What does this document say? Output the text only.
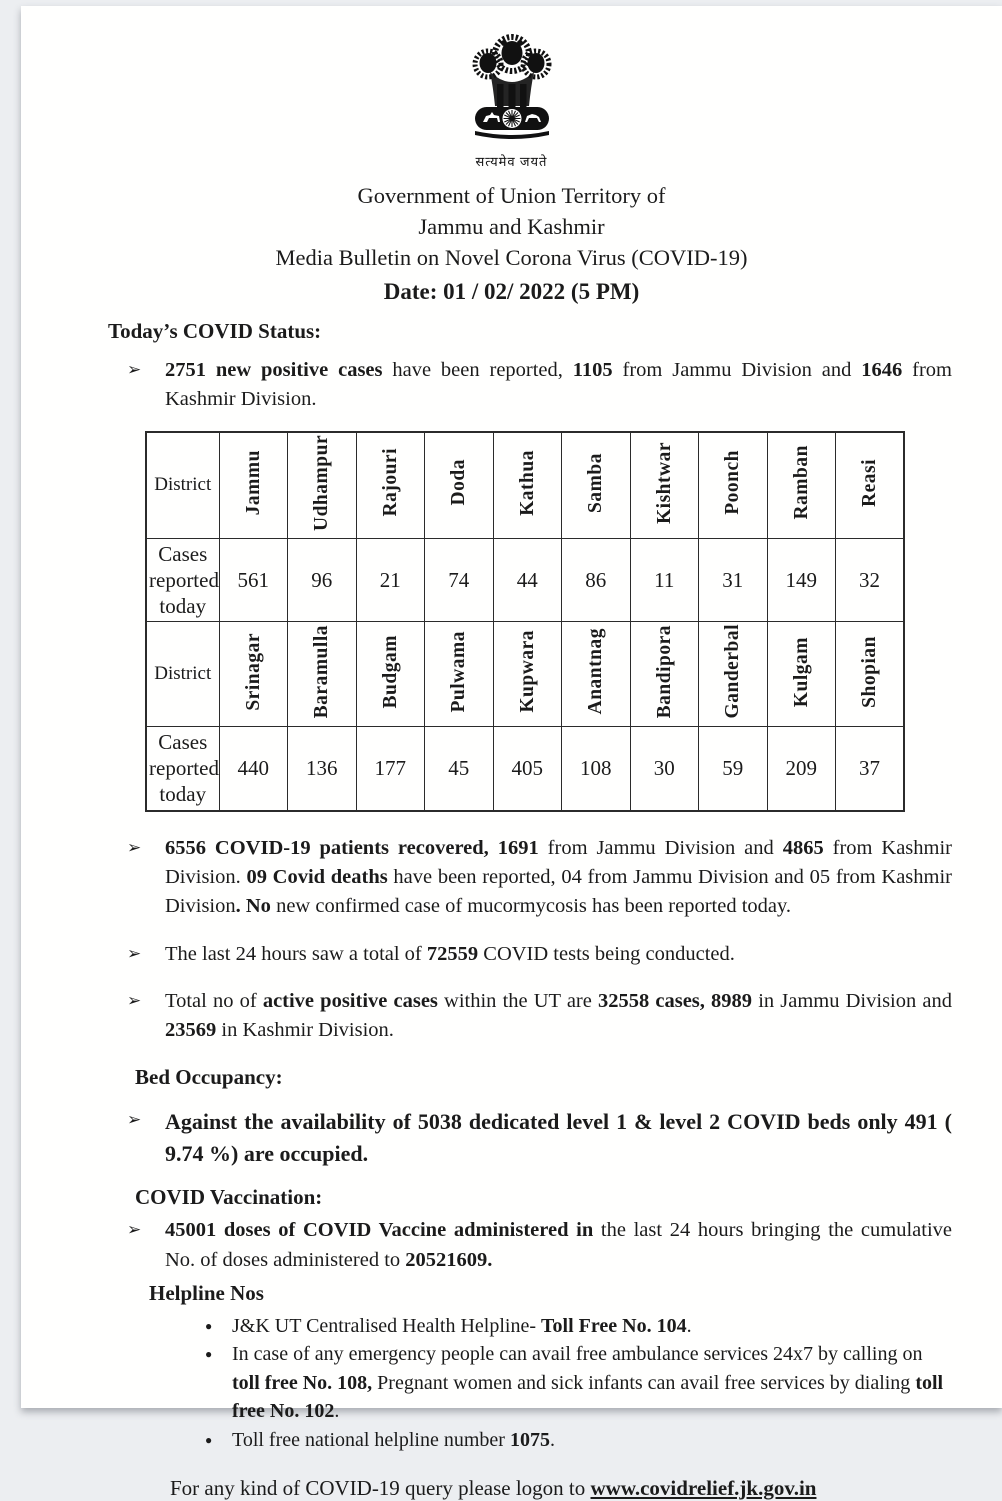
सत्यमेव जयते
Government of Union Territory of
Jammu and Kashmir
Media Bulletin on Novel Corona Virus (COVID-19)
Date: 01 / 02/ 2022 (5 PM)
Today’s COVID Status:
➢	2751 new positive cases have been reported, 1105 from Jammu Division and 1646 from Kashmir Division.
District	Jammu	Udhampur	Rajouri	Doda	Kathua	Samba	Kishtwar	Poonch	Ramban	Reasi
Cases reported today	561	96	21	74	44	86	11	31	149	32
District	Srinagar	Baramulla	Budgam	Pulwama	Kupwara	Anantnag	Bandipora	Ganderbal	Kulgam	Shopian
Cases reported today	440	136	177	45	405	108	30	59	209	37
➢	6556 COVID-19 patients recovered, 1691 from Jammu Division and 4865 from Kashmir Division. 09 Covid deaths have been reported, 04 from Jammu Division and 05 from Kashmir Division. No new confirmed case of mucormycosis has been reported today.
➢	The last 24 hours saw a total of 72559 COVID tests being conducted.
➢	Total no of active positive cases within the UT are 32558 cases, 8989 in Jammu Division and 23569 in Kashmir Division.
Bed Occupancy:
➢	Against the availability of 5038 dedicated level 1 & level 2 COVID beds only 491 ( 9.74 %) are occupied.
COVID Vaccination:
➢	45001 doses of COVID Vaccine administered in the last 24 hours bringing the cumulative No. of doses administered to 20521609.
Helpline Nos
● J&K UT Centralised Health Helpline- Toll Free No. 104.
● In case of any emergency people can avail free ambulance services 24x7 by calling on toll free No. 108, Pregnant women and sick infants can avail free services by dialing toll free No. 102.
● Toll free national helpline number 1075.
For any kind of COVID-19 query please logon to www.covidrelief.jk.gov.in
